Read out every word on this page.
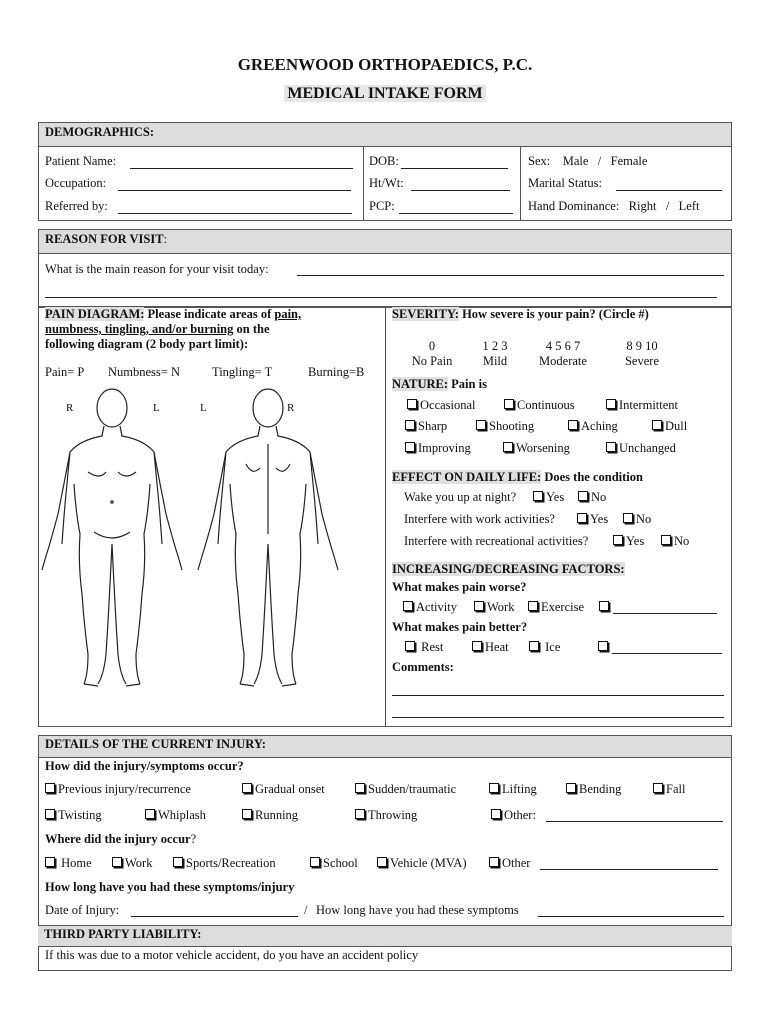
GREENWOOD ORTHOPAEDICS, P.C.
MEDICAL INTAKE FORM
DEMOGRAPHICS:
Patient Name:
Occupation:
Referred by:
DOB:
Ht/Wt:
PCP:
Sex:    Male   /   Female
Marital Status:
Hand Dominance:   Right   /   Left
REASON FOR VISIT:
What is the main reason for your visit today:
PAIN DIAGRAM: Please indicate areas of pain,
numbness, tingling, and/or burning on the
following diagram (2 body part limit):
Pain= P Numbness= N	Tingling= T	Burning=B
R	L	L	R
SEVERITY: How severe is your pain? (Circle #)
0
No Pain
1 2 3
Mild
4 5 6 7
Moderate
8 9 10
Severe
NATURE: Pain is
Occasional	Continuous	Intermittent
Sharp	Shooting	Aching	Dull
Improving	Worsening	Unchanged
EFFECT ON DAILY LIFE: Does the condition
Wake you up at night?	Yes	No
Interfere with work activities?	Yes	No
Interfere with recreational activities?	Yes	No
INCREASING/DECREASING FACTORS:
What makes pain worse?
Activity	Work	Exercise
What makes pain better?
Rest	Heat	Ice
Comments:
DETAILS OF THE CURRENT INJURY:
How did the injury/symptoms occur?
Previous injury/recurrence	Gradual onset	Sudden/traumatic	Lifting	Bending	Fall
Twisting	Whiplash	Running	Throwing	Other:
Where did the injury occur?
Home	Work	Sports/Recreation	School	Vehicle (MVA)	Other
How long have you had these symptoms/injury
Date of Injury:	/ How long have you had these symptoms
THIRD PARTY LIABILITY:
If this was due to a motor vehicle accident, do you have an accident policy
